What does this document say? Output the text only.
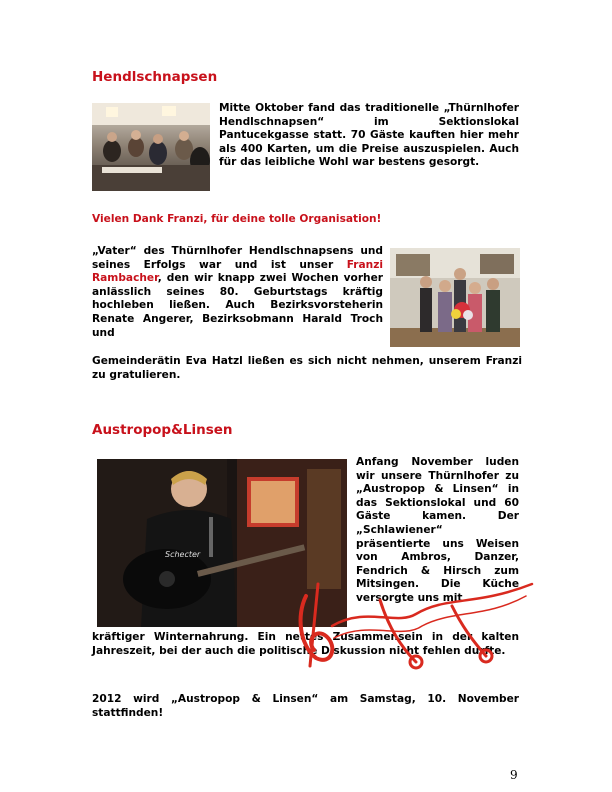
Hendlschnapsen
Mitte Oktober fand das traditionelle „Thürnlhofer Hendlschnapsen“ im Sektionslokal Pantucekgasse statt. 70 Gäste kauften hier mehr als 400 Karten, um die Preise auszuspielen. Auch für das leibliche Wohl war bestens gesorgt.
Vielen Dank Franzi, für deine tolle Organisation!
„Vater“ des Thürnlhofer Hendlschnapsens und seines Erfolgs war und ist unser Franzi Rambacher, den wir knapp zwei Wochen vorher anlässlich seines 80. Geburtstags kräftig hochleben ließen. Auch Bezirksvorsteherin Renate Angerer, Bezirksobmann Harald Troch und
Gemeinderätin Eva Hatzl ließen es sich nicht nehmen, unserem Franzi zu gratulieren.
Austropop&Linsen
Schecter
Anfang November luden wir unsere Thürnlhofer zu „Austropop & Linsen“ in das Sektionslokal und 60 Gäste kamen. Der „Schlawiener“ präsentierte uns Weisen von Ambros, Danzer, Fendrich & Hirsch zum Mitsingen. Die Küche versorgte uns mit
kräftiger Winternahrung. Ein nettes Zusammensein in der kalten Jahreszeit, bei der auch die politische Diskussion nicht fehlen durfte.
2012 wird „Austropop & Linsen“ am Samstag, 10. November stattfinden!
9
